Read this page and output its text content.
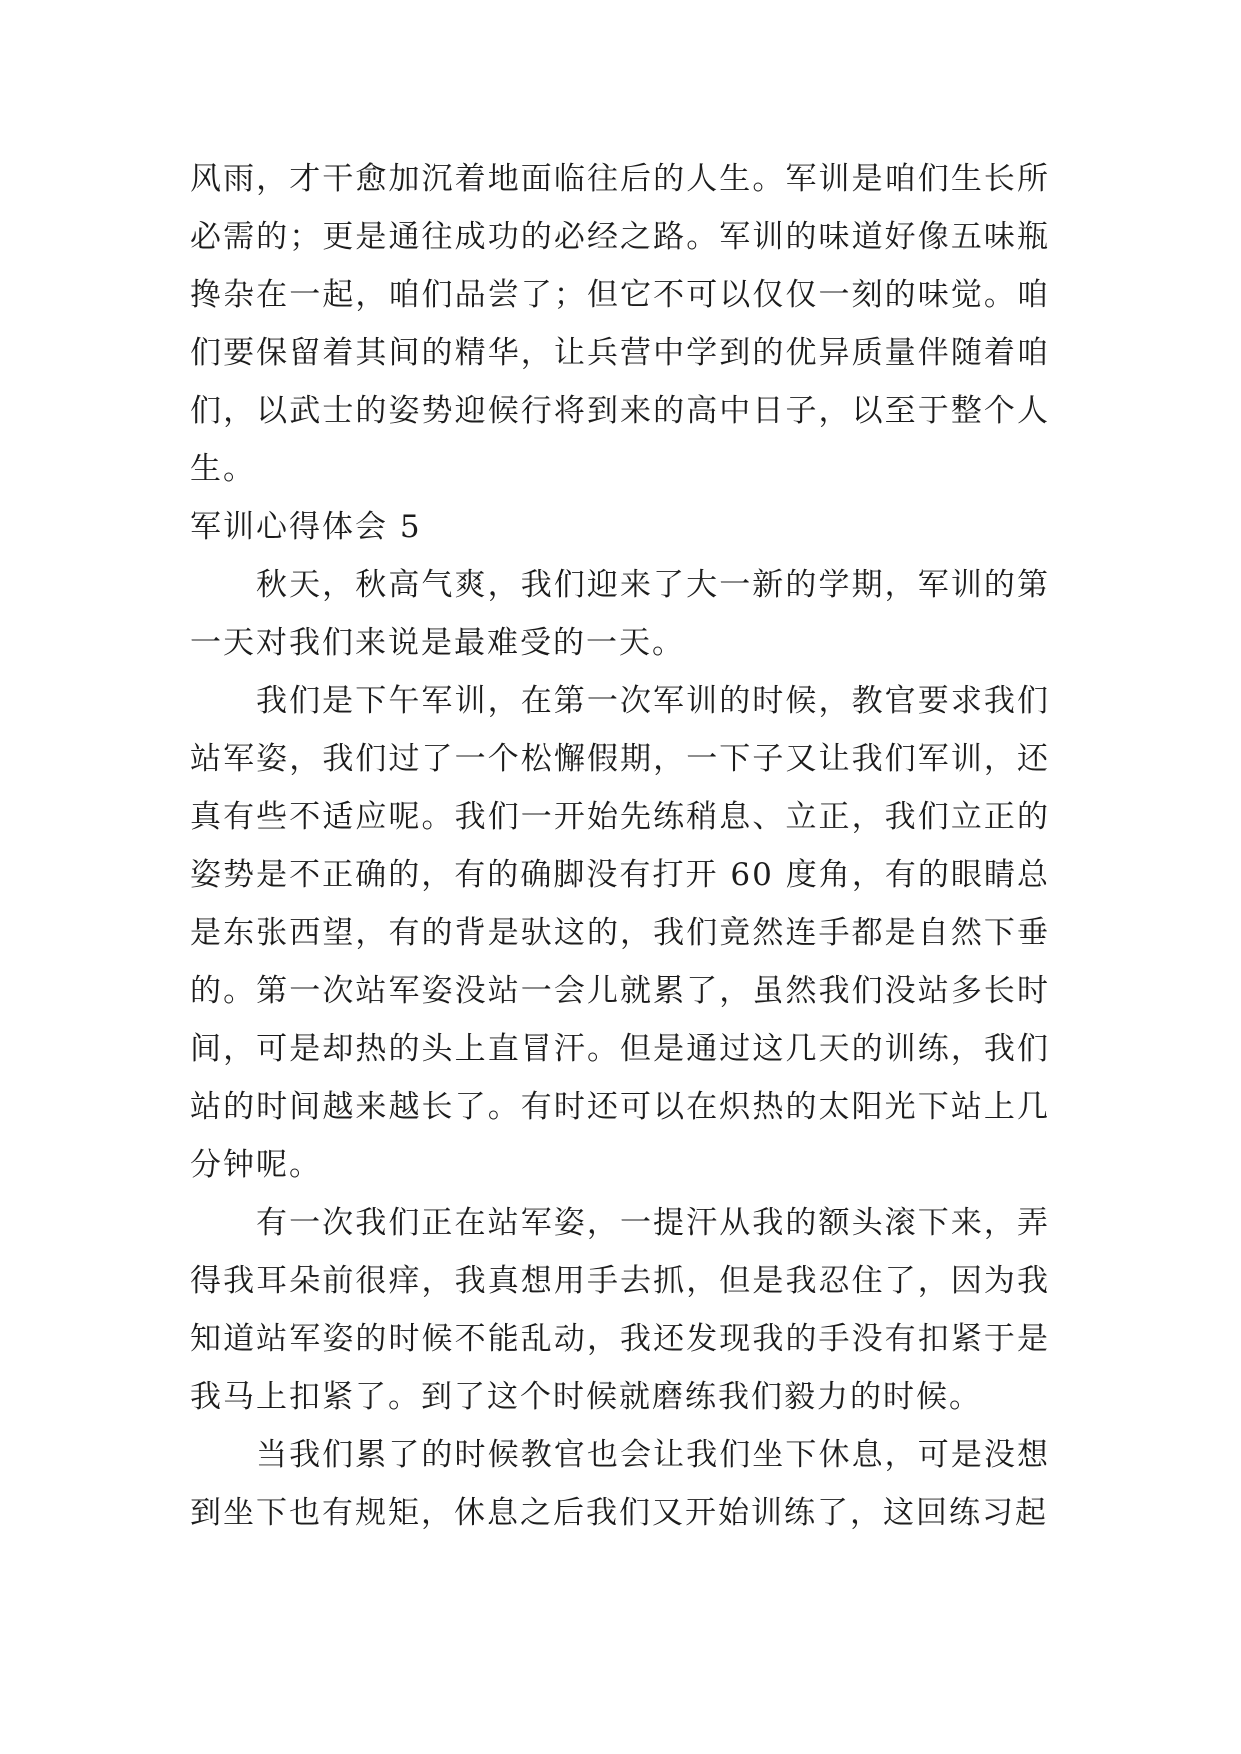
风雨，才干愈加沉着地面临往后的人生。军训是咱们生长所必需的；更是通往成功的必经之路。军训的味道好像五味瓶搀杂在一起，咱们品尝了；但它不可以仅仅一刻的味觉。咱们要保留着其间的精华，让兵营中学到的优异质量伴随着咱们，以武士的姿势迎候行将到来的高中日子，以至于整个人生。

军训心得体会 5

秋天，秋高气爽，我们迎来了大一新的学期，军训的第一天对我们来说是最难受的一天。

我们是下午军训，在第一次军训的时候，教官要求我们站军姿，我们过了一个松懈假期，一下子又让我们军训，还真有些不适应呢。我们一开始先练稍息、立正，我们立正的姿势是不正确的，有的确脚没有打开 60 度角，有的眼睛总是东张西望，有的背是驮这的，我们竟然连手都是自然下垂的。第一次站军姿没站一会儿就累了，虽然我们没站多长时间，可是却热的头上直冒汗。但是通过这几天的训练，我们站的时间越来越长了。有时还可以在炽热的太阳光下站上几分钟呢。

有一次我们正在站军姿，一提汗从我的额头滚下来，弄得我耳朵前很痒，我真想用手去抓，但是我忍住了，因为我知道站军姿的时候不能乱动，我还发现我的手没有扣紧于是我马上扣紧了。到了这个时候就磨练我们毅力的时候。

当我们累了的时候教官也会让我们坐下休息，可是没想到坐下也有规矩，休息之后我们又开始训练了，这回练习起
